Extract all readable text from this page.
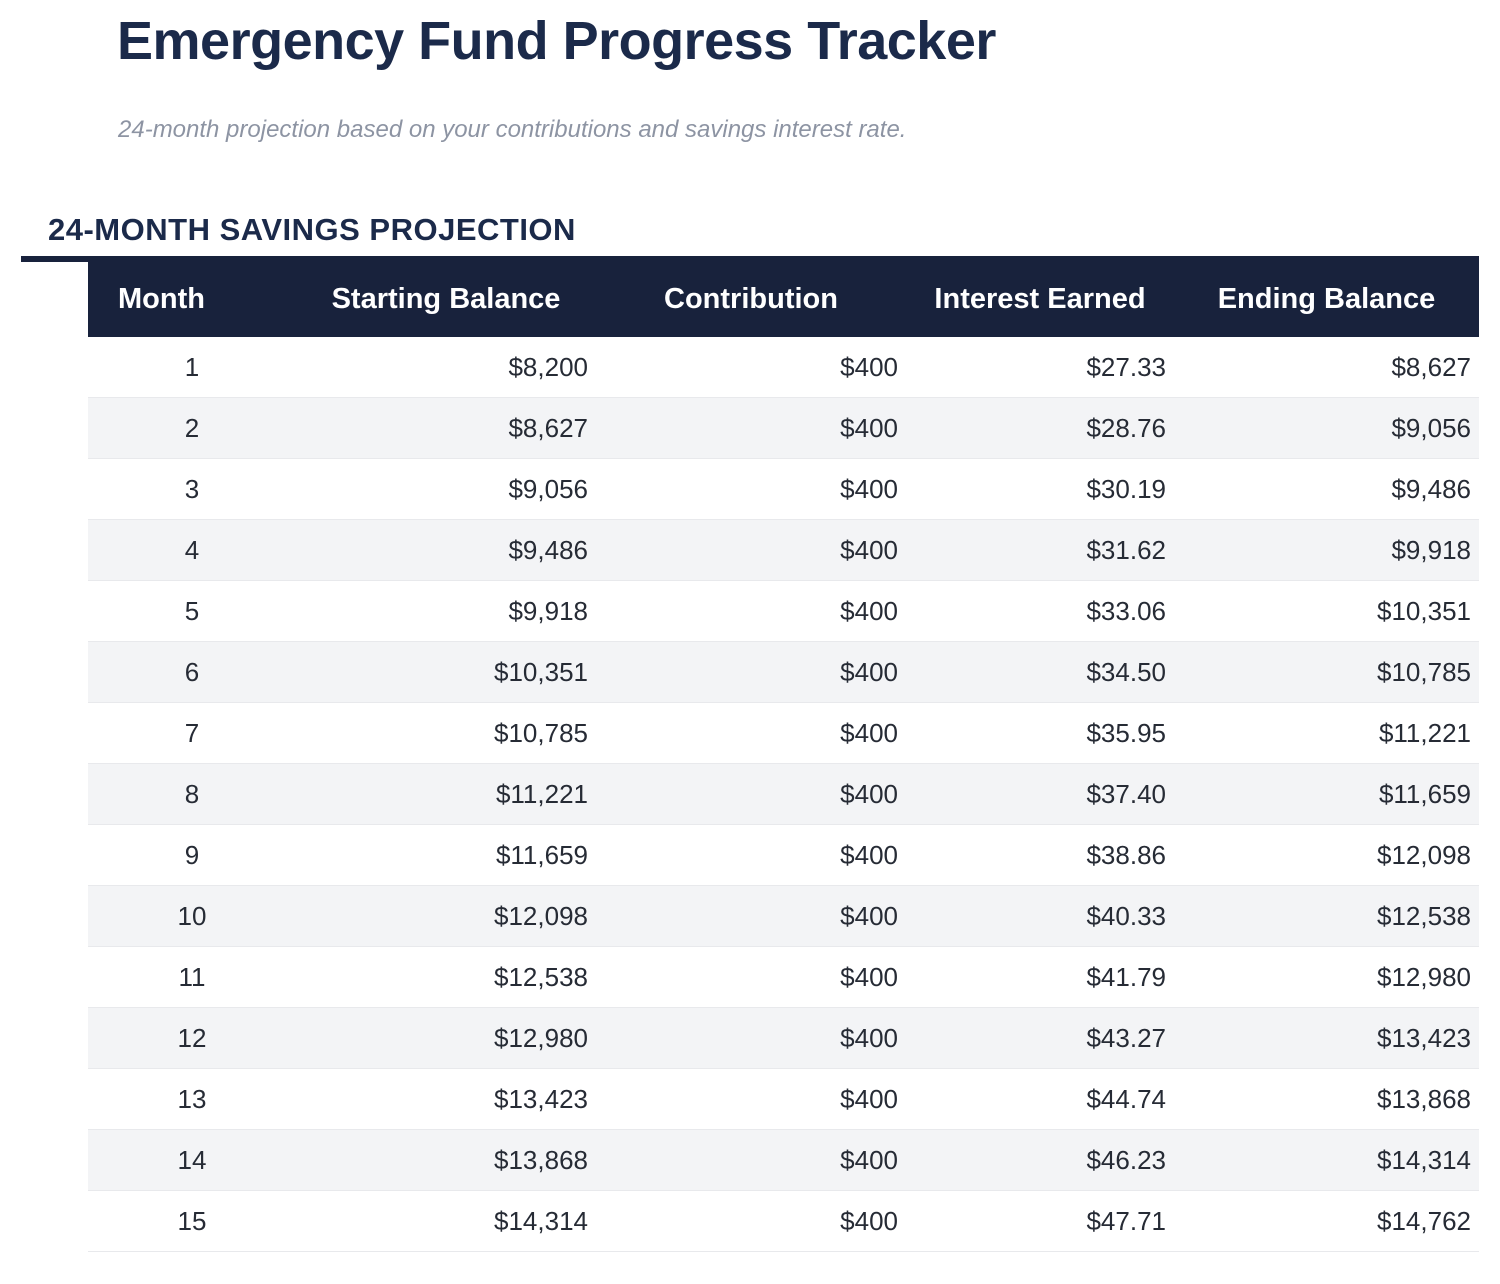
Emergency Fund Progress Tracker

24-month projection based on your contributions and savings interest rate.

24-MONTH SAVINGS PROJECTION
Month	Starting Balance	Contribution	Interest Earned	Ending Balance
1	$8,200	$400	$27.33	$8,627
2	$8,627	$400	$28.76	$9,056
3	$9,056	$400	$30.19	$9,486
4	$9,486	$400	$31.62	$9,918
5	$9,918	$400	$33.06	$10,351
6	$10,351	$400	$34.50	$10,785
7	$10,785	$400	$35.95	$11,221
8	$11,221	$400	$37.40	$11,659
9	$11,659	$400	$38.86	$12,098
10	$12,098	$400	$40.33	$12,538
11	$12,538	$400	$41.79	$12,980
12	$12,980	$400	$43.27	$13,423
13	$13,423	$400	$44.74	$13,868
14	$13,868	$400	$46.23	$14,314
15	$14,314	$400	$47.71	$14,762
